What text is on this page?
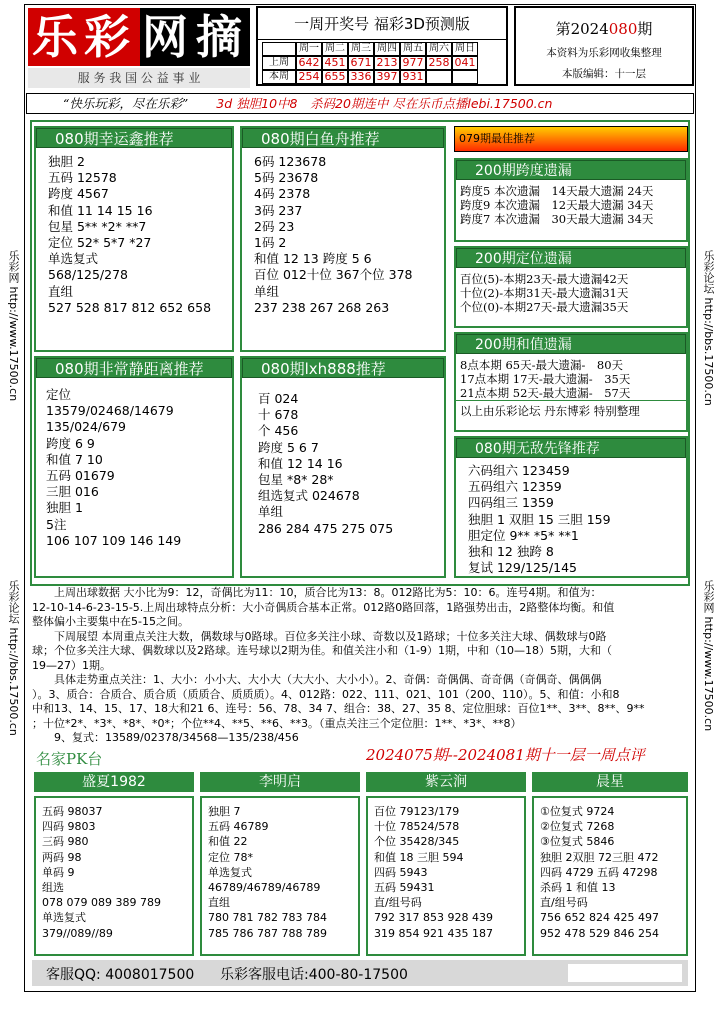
乐 彩 网 摘
服 务 我 国 公 益 事 业
一周开奖号 福彩3D预测版
周一 周二 周三 周四 周五 周六 周日
上周 642 451 671 213 977 258 041
本周 254 655 336 397 931
第2024080期
本资料为乐彩网收集整理
本版编辑：十一层
“快乐玩彩，尽在乐彩” 3d 独胆10中8　杀码20期连中 尽在乐币点播lebi.17500.cn
乐彩网 http://www.17500.cn
乐彩论坛 http://bbs.17500.cn
乐彩论坛 http://bbs.17500.cn
乐彩网 http://www.17500.cn
080期幸运鑫推荐
独胆 2
五码 12578
跨度 4567
和值 11 14 15 16
包星 5** *2* **7
定位 52* 5*7 *27
单选复式
568/125/278
直组
527 528 817 812 652 658
080期白鱼舟推荐
6码 123678
5码 23678
4码 2378
3码 237
2码 23
1码 2
和值 12 13 跨度 5 6
百位 012十位 367个位 378
单组
237 238 267 268 263
080期非常静距离推荐
定位
13579/02468/14679
135/024/679
跨度 6 9
和值 7 10
五码 01679
三胆 016
独胆 1
5注
106 107 109 146 149
080期lxh888推荐
百 024
十 678
个 456
跨度 5 6 7
和值 12 14 16
包星 *8* 28*
组选复式 024678
单组
286 284 475 275 075
079期最佳推荐
200期跨度遗漏
跨度5 本次遗漏　14天最大遗漏 24天
跨度9 本次遗漏　12天最大遗漏 34天
跨度7 本次遗漏　30天最大遗漏 34天
200期定位遗漏
百位(5)-本期23天-最大遗漏42天
十位(2)-本期31天-最大遗漏31天
个位(0)-本期27天-最大遗漏35天
200期和值遗漏
8点本期 65天-最大遗漏-　80天
17点本期 17天-最大遗漏-　35天
21点本期 52天-最大遗漏-　57天
以上由乐彩论坛 丹东博彩 特别整理
080期无敌先锋推荐
六码组六 123459
五码组六 12359
四码组三 1359
独胆 1 双胆 15 三胆 159
胆定位 9** *5* **1
独和 12 独跨 8
复试 129/125/145
　　上周出球数据 大小比为9：12，奇偶比为11：10，质合比为13：8。012路比为5：10：6。连号4期。和值为：
12-10-14-6-23-15-5.上周出球特点分析：大小奇偶质合基本正常。012路0路回落，1路强势出击，2路整体均衡。和值
整体偏小主要集中在5-15之间。
　　下周展望 本周重点关注大数，偶数球与0路球。百位多关注小球、奇数以及1路球；十位多关注大球、偶数球与0路
球；个位多关注大球、偶数球以及2路球。连号球以2期为佳。和值关注小和（1-9）1期，中和（10—18）5期，大和（
19—27）1期。
　　具体走势重点关注：1、大小：小小大、大小大（大大小、大小小）。2、奇偶：奇偶偶、奇奇偶（奇偶奇、偶偶偶
）。3、质合：合质合、质合质（质质合、质质质）。4、012路：022、111、021、101（200、110）。5、和值：小和8
中和13、14、15、17、18大和21 6、连号：56、78、34 7、组合：38、27、35 8、定位胆球：百位1**、3**、8**、9**
；十位*2*、*3*、*8*、*0*；个位**4、**5、**6、**3。（重点关注三个定位胆：1**、*3*、**8）
　　9、复式：13589/02378/34568—135/238/456
名家PK台	2024075期--2024081期十一层一周点评
盛夏1982
五码 98037
四码 9803
三码 980
两码 98
单码 9
组选
078 079 089 389 789
单选复式
379//089//89
李明启
独胆 7
五码 46789
和值 22
定位 78*
单选复式
46789/46789/46789
直组
780 781 782 783 784
785 786 787 788 789
紫云涧
百位 79123/179
十位 78524/578
个位 35428/345
和值 18 三胆 594
四码 5943
五码 59431
直/组号码
792 317 853 928 439
319 854 921 435 187
晨星
①位复式 9724
②位复式 7268
③位复式 5846
独胆 2双胆 72三胆 472
四码 4729 五码 47298
杀码 1 和值 13
直/组号码
756 652 824 425 497
952 478 529 846 254
客服QQ: 4008017500 乐彩客服电话:400-80-17500
